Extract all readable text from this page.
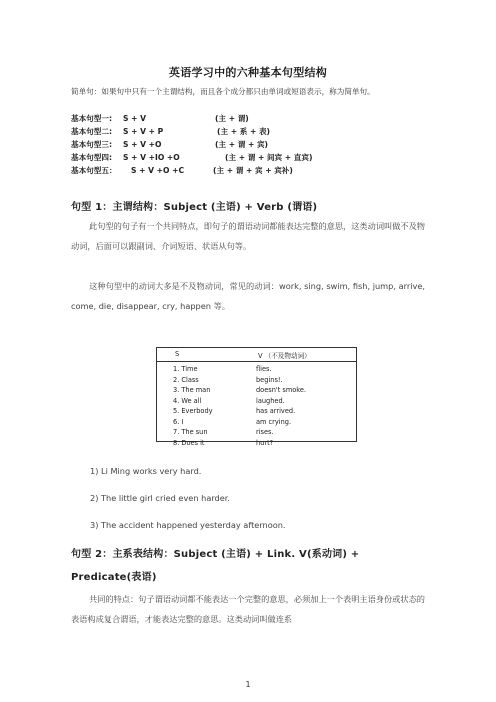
英语学习中的六种基本句型结构
简单句：如果句中只有一个主谓结构，而且各个成分都只由单词或短语表示，称为简单句。
基本句型一: S + V	(主 + 谓)
基本句型二: S + V + P	(主 + 系 + 表)
基本句型三: S + V +O	(主 + 谓 + 宾)
基本句型四: S + V +IO +O	(主 + 谓 + 间宾 + 直宾)
基本句型五： S + V +O +C	(主 + 谓 + 宾 + 宾补)
句型 1：主谓结构：Subject (主语) + Verb (谓语)
此句型的句子有一个共同特点，即句子的谓语动词都能表达完整的意思，这类动词叫做不及物动词，后面可以跟副词、介词短语、状语从句等。
这种句型中的动词大多是不及物动词，常见的动词：work, sing, swim, fish, jump, arrive, come, die, disappear, cry, happen 等。
S	V （不及物动词）
1. Time	flies.
2. Class	begins!.
3. The man	doesn't smoke.
4. We all	laughed.
5. Everbody	has arrived.
6. I	am crying.
7. The sun	rises.
8. Does it	hurt?
1) Li Ming works very hard.
2) The little girl cried even harder.
3) The accident happened yesterday afternoon.
句型 2：主系表结构：Subject (主语) + Link. V(系动词) +
Predicate(表语)
共同的特点：句子谓语动词都不能表达一个完整的意思，必须加上一个表明主语身份或状态的表语构成复合谓语，才能表达完整的意思。这类动词叫做连系
1
